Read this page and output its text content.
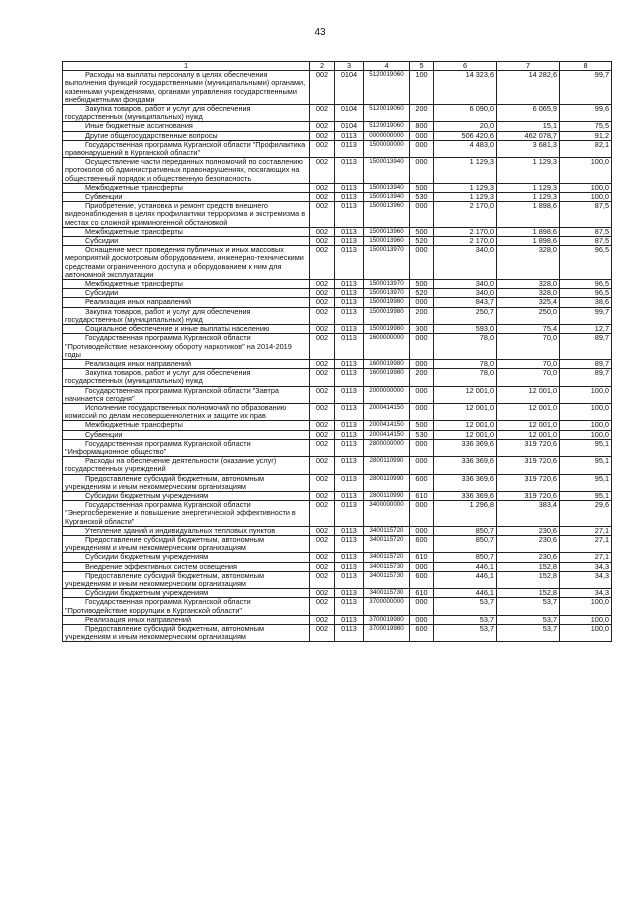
43
1	2	3	4	5	6	7	8
Расходы на выплаты персоналу в целях обеспечения выполнения функций государственными (муниципальными) органами, казенными учреждениями, органами управления государственными внебюджетными фондами	002	0104	5120019060	100	14 323,6	14 282,6	99,7
Закупка товаров, работ и услуг для обеспечения государственных (муниципальных) нужд	002	0104	5120019060	200	6 090,0	6 065,9	99,6
Иные бюджетные ассигнования	002	0104	5120019060	800	20,0	15,1	75,5
Другие общегосударственные вопросы	002	0113	0000000000	000	506 420,6	462 078,7	91,2
Государственная программа Курганской области "Профилактика правонарушений в Курганской области"	002	0113	1500000000	000	4 483,0	3 681,3	82,1
Осуществление части переданных полномочий по составлению протоколов об административных правонарушениях, посягающих на общественный порядок и общественную безопасность	002	0113	1500013940	000	1 129,3	1 129,3	100,0
Межбюджетные трансферты	002	0113	1500013940	500	1 129,3	1 129,3	100,0
Субвенции	002	0113	1500013940	530	1 129,3	1 129,3	100,0
Приобретение, установка и ремонт средств внешнего видеонаблюдения в целях профилактики терроризма и экстремизма в местах со сложной криминогенной обстановкой	002	0113	1500013960	000	2 170,0	1 898,6	87,5
Межбюджетные трансферты	002	0113	1500013960	500	2 170,0	1 898,6	87,5
Субсидии	002	0113	1500013960	520	2 170,0	1 898,6	87,5
Оснащение мест проведения публичных и иных массовых мероприятий досмотровым оборудованием, инженерно-техническими средствами ограниченного доступа и оборудованием к ним для автономной эксплуатации	002	0113	1500013970	000	340,0	328,0	96,5
Межбюджетные трансферты	002	0113	1500013970	500	340,0	328,0	96,5
Субсидии	002	0113	1500013970	520	340,0	328,0	96,5
Реализация иных направлений	002	0113	1500019980	000	843,7	325,4	38,6
Закупка товаров, работ и услуг для обеспечения государственных (муниципальных) нужд	002	0113	1500019980	200	250,7	250,0	99,7
Социальное обеспечение и иные выплаты населению	002	0113	1500019980	300	593,0	75,4	12,7
Государственная программа Курганской области "Противодействие незаконному обороту наркотиков" на 2014-2019 годы	002	0113	1600000000	000	78,0	70,0	89,7
Реализация иных направлений	002	0113	1600019980	000	78,0	70,0	89,7
Закупка товаров, работ и услуг для обеспечения государственных (муниципальных) нужд	002	0113	1600019980	200	78,0	70,0	89,7
Государственная программа Курганской области "Завтра начинается сегодня"	002	0113	2000000000	000	12 001,0	12 001,0	100,0
Исполнение государственных полномочий по образованию комиссий по делам несовершеннолетних и защите их прав	002	0113	2000414150	000	12 001,0	12 001,0	100,0
Межбюджетные трансферты	002	0113	2000414150	500	12 001,0	12 001,0	100,0
Субвенции	002	0113	2000414150	530	12 001,0	12 001,0	100,0
Государственная программа Курганской области "Информационное общество"	002	0113	2800000000	000	336 369,6	319 720,6	95,1
Расходы на обеспечение деятельности (оказание услуг) государственных учреждений	002	0113	2800110990	000	336 369,6	319 720,6	95,1
Предоставление субсидий бюджетным, автономным учреждениям и иным некоммерческим организациям	002	0113	2800110990	600	336 369,6	319 720,6	95,1
Субсидии бюджетным учреждениям	002	0113	2800110990	610	336 369,6	319 720,6	95,1
Государственная программа Курганской области "Энергосбережение и повышение энергетической эффективности в Курганской области"	002	0113	3400000000	000	1 296,8	383,4	29,6
Утепление зданий и индивидуальных тепловых пунктов	002	0113	3400115720	000	850,7	230,6	27,1
Предоставление субсидий бюджетным, автономным учреждениям и иным некоммерческим организациям	002	0113	3400115720	600	850,7	230,6	27,1
Субсидии бюджетным учреждениям	002	0113	3400115720	610	850,7	230,6	27,1
Внедрение эффективных систем освещения	002	0113	3400115730	000	446,1	152,8	34,3
Предоставление субсидий бюджетным, автономным учреждениям и иным некоммерческим организациям	002	0113	3400115730	600	446,1	152,8	34,3
Субсидии бюджетным учреждениям	002	0113	3400115730	610	446,1	152,8	34,3
Государственная программа Курганской области "Противодействие коррупции в Курганской области"	002	0113	3700000000	000	53,7	53,7	100,0
Реализация иных направлений	002	0113	3700019980	000	53,7	53,7	100,0
Предоставление субсидий бюджетным, автономным учреждениям и иным некоммерческим организациям	002	0113	3700019980	600	53,7	53,7	100,0
